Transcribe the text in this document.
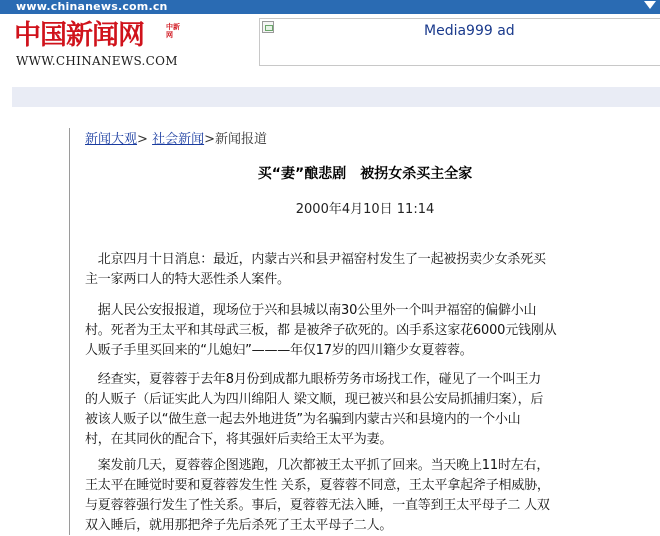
www.chinanews.com.cn
中国新闻网	中新网
WWW.CHINANEWS.COM
Media999 ad
新闻大观> 社会新闻>新闻报道
买“妻”酿悲剧　被拐女杀买主全家
2000年4月10日 11:14
　北京四月十日消息：最近，内蒙古兴和县尹福窑村发生了一起被拐卖少女杀死买
主一家两口人的特大恶性杀人案件。
　据人民公安报报道，现场位于兴和县城以南30公里外一个叫尹福窑的偏僻小山
村。死者为王太平和其母武三板，都 是被斧子砍死的。凶手系这家花6000元钱刚从
人贩子手里买回来的“儿媳妇”———年仅17岁的四川籍少女夏蓉蓉。
　经查实，夏蓉蓉于去年8月份到成都九眼桥劳务市场找工作，碰见了一个叫王力
的人贩子（后证实此人为四川绵阳人 梁文顺，现已被兴和县公安局抓捕归案），后
被该人贩子以“做生意一起去外地进货”为名骗到内蒙古兴和县境内的一个小山
村，在其同伙的配合下，将其强奸后卖给王太平为妻。
　案发前几天，夏蓉蓉企图逃跑，几次都被王太平抓了回来。当天晚上11时左右，
王太平在睡觉时要和夏蓉蓉发生性 关系，夏蓉蓉不同意，王太平拿起斧子相威胁，
与夏蓉蓉强行发生了性关系。事后，夏蓉蓉无法入睡，一直等到王太平母子二 人双
双入睡后，就用那把斧子先后杀死了王太平母子二人。
